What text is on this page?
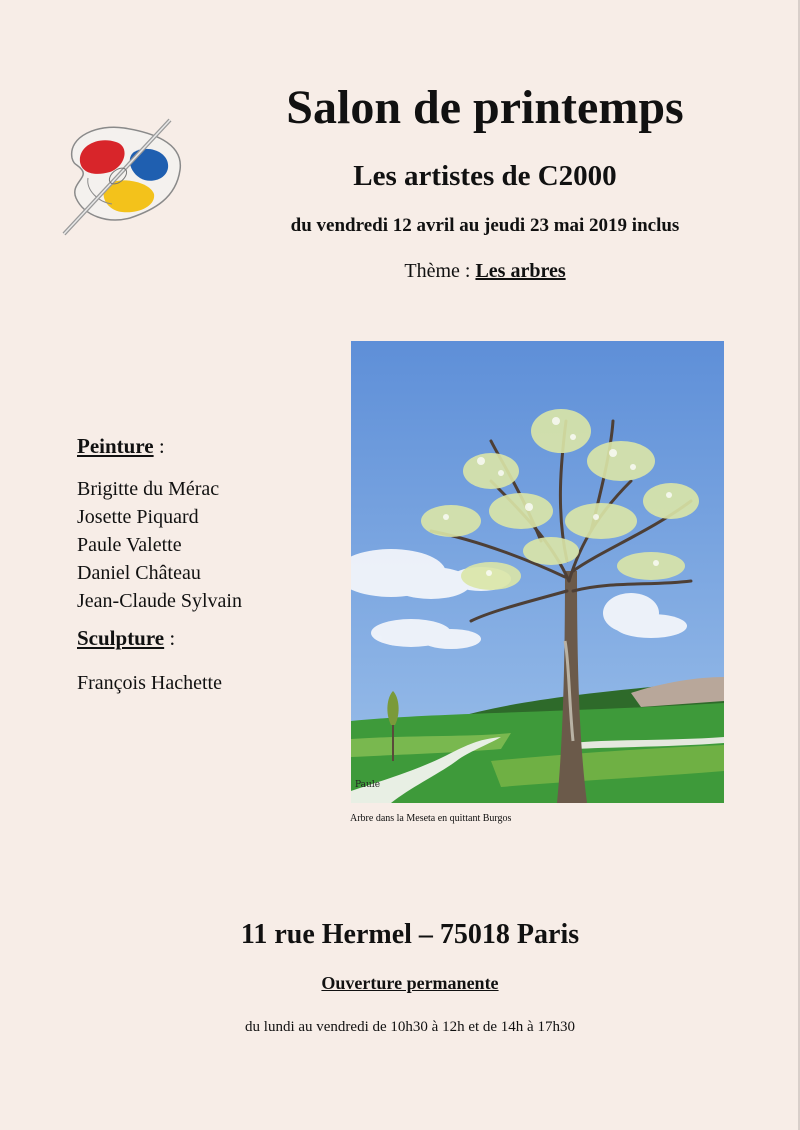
Salon de printemps
Les artistes de C2000
du vendredi 12 avril au jeudi 23 mai 2019 inclus
Thème : Les arbres
Peinture :
Brigitte du Mérac
Josette Piquard
Paule Valette
Daniel Château
Jean-Claude Sylvain
Sculpture :
François Hachette
Paule
Arbre dans la Meseta en quittant Burgos
11 rue Hermel – 75018 Paris
Ouverture permanente
du lundi au vendredi de 10h30 à 12h et de 14h à 17h30
